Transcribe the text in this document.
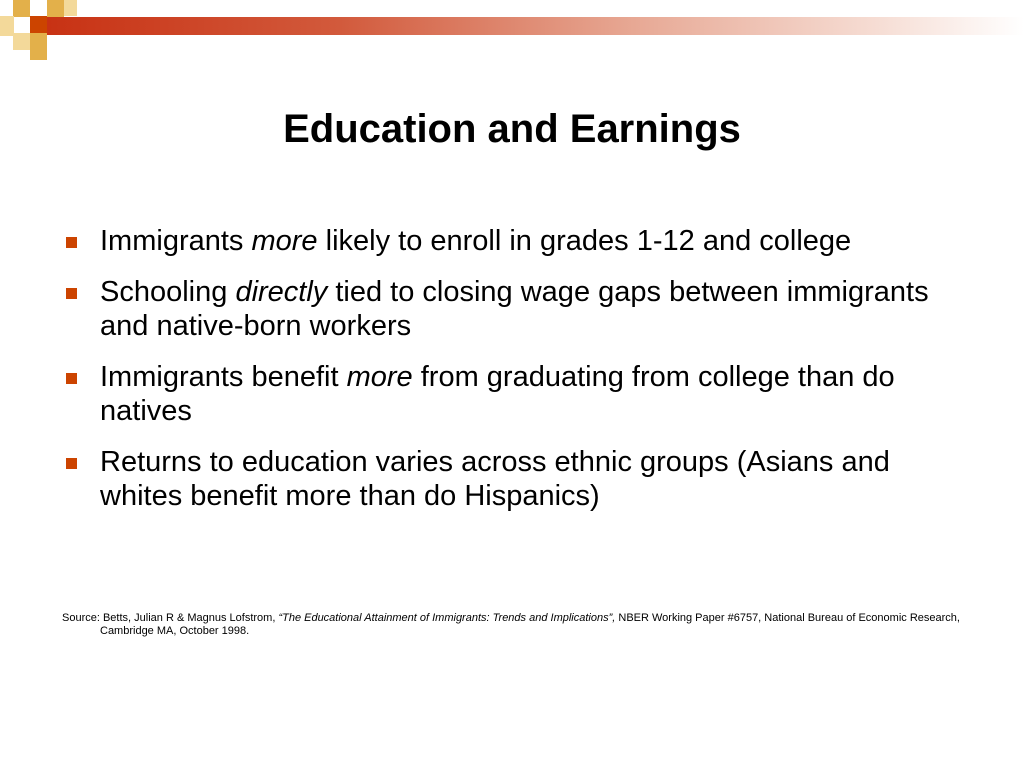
Education and Earnings
Immigrants more likely to enroll in grades 1-12 and college
Schooling directly tied to closing wage gaps between immigrants and native-born workers
Immigrants benefit more from graduating from college than do natives
Returns to education varies across ethnic groups (Asians and whites benefit more than do Hispanics)
Source: Betts, Julian R & Magnus Lofstrom, “The Educational Attainment of Immigrants: Trends and Implications”, NBER Working Paper #6757, National Bureau of Economic Research, Cambridge MA, October 1998.
